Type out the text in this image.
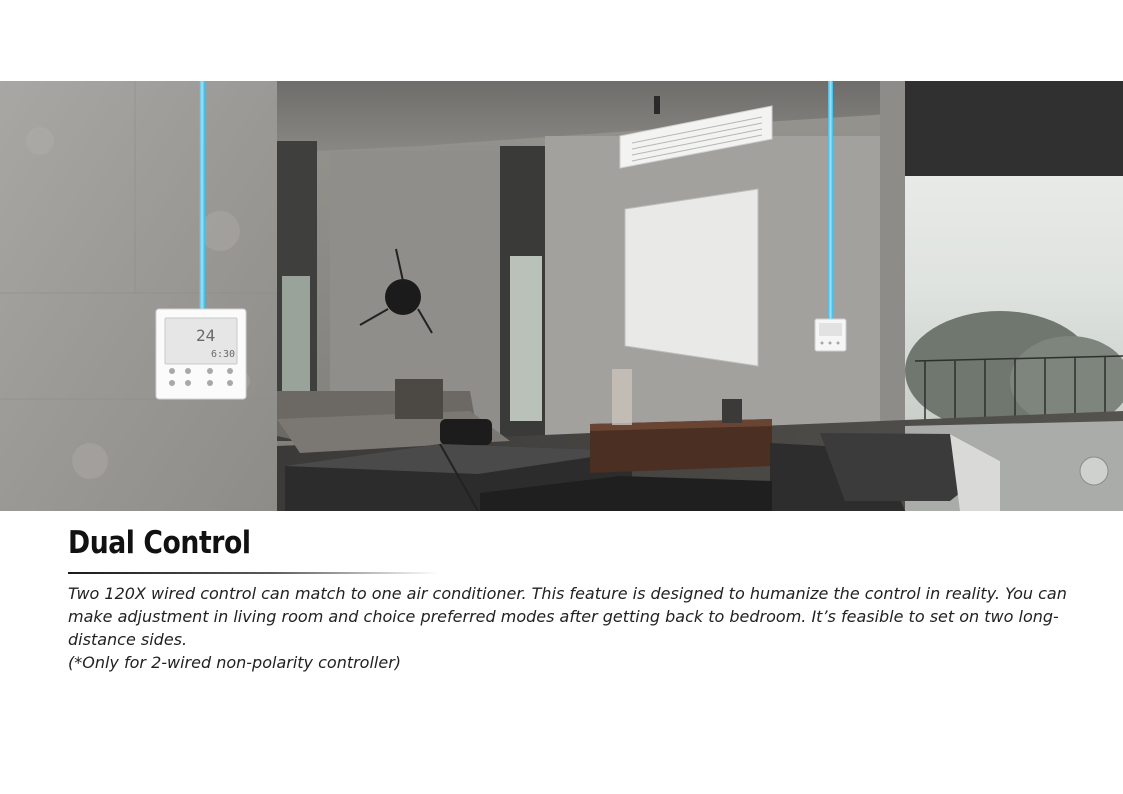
24
6:30
Dual Control

Two 120X wired control can match to one air conditioner. This feature is designed to humanize the control in reality. You can make adjustment in living room and choice preferred modes after getting back to bedroom. It’s feasible to set on two long-distance sides.

(*Only for 2-wired non-polarity controller)
